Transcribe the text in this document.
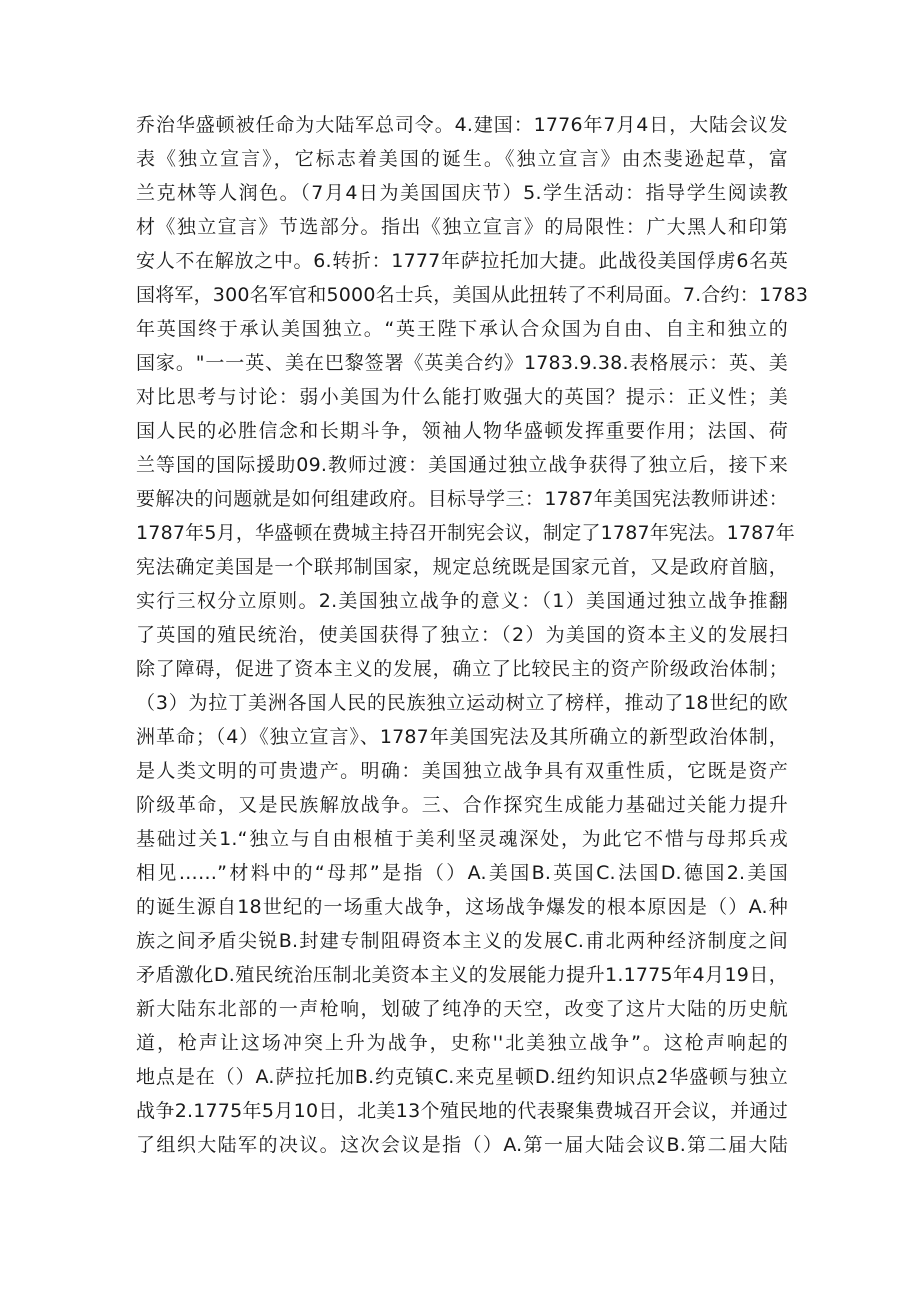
乔治华盛顿被任命为大陆军总司令。4.建国：1776年7月4日，大陆会议发
表《独立宣言》，它标志着美国的诞生。《独立宣言》由杰斐逊起草，富
兰克林等人润色。（7月4日为美国国庆节）5.学生活动：指导学生阅读教
材《独立宣言》节选部分。指出《独立宣言》的局限性：广大黑人和印第
安人不在解放之中。6.转折：1777年萨拉托加大捷。此战役美国俘虏6名英
国将军，300名军官和5000名士兵，美国从此扭转了不利局面。7.合约：1783
年英国终于承认美国独立。“英王陛下承认合众国为自由、自主和独立的
国家。"一一英、美在巴黎签署《英美合约》1783.9.38.表格展示：英、美
对比思考与讨论：弱小美国为什么能打败强大的英国？提示：正义性；美
国人民的必胜信念和长期斗争，领袖人物华盛顿发挥重要作用；法国、荷
兰等国的国际援助09.教师过渡：美国通过独立战争获得了独立后，接下来
要解决的问题就是如何组建政府。目标导学三：1787年美国宪法教师讲述：
1787年5月，华盛顿在费城主持召开制宪会议，制定了1787年宪法。1787年
宪法确定美国是一个联邦制国家，规定总统既是国家元首，又是政府首脑，
实行三权分立原则。2.美国独立战争的意义：（1）美国通过独立战争推翻
了英国的殖民统治，使美国获得了独立：（2）为美国的资本主义的发展扫
除了障碍，促进了资本主义的发展，确立了比较民主的资产阶级政治体制；
（3）为拉丁美洲各国人民的民族独立运动树立了榜样，推动了18世纪的欧
洲革命；（4）《独立宣言》、1787年美国宪法及其所确立的新型政治体制，
是人类文明的可贵遗产。明确：美国独立战争具有双重性质，它既是资产
阶级革命，又是民族解放战争。三、合作探究生成能力基础过关能力提升
基础过关1.“独立与自由根植于美利坚灵魂深处，为此它不惜与母邦兵戎
相见……”材料中的“母邦”是指（）A.美国B.英国C.法国D.德国2.美国
的诞生源自18世纪的一场重大战争，这场战争爆发的根本原因是（）A.种
族之间矛盾尖锐B.封建专制阻碍资本主义的发展C.甫北两种经济制度之间
矛盾激化D.殖民统治压制北美资本主义的发展能力提升1.1775年4月19日，
新大陆东北部的一声枪响，划破了纯净的天空，改变了这片大陆的历史航
道，枪声让这场冲突上升为战争，史称''北美独立战争”。这枪声响起的
地点是在（）A.萨拉托加B.约克镇C.来克星顿D.纽约知识点2华盛顿与独立
战争2.1775年5月10日，北美13个殖民地的代表聚集费城召开会议，并通过
了组织大陆军的决议。这次会议是指（）A.第一届大陆会议B.第二届大陆
